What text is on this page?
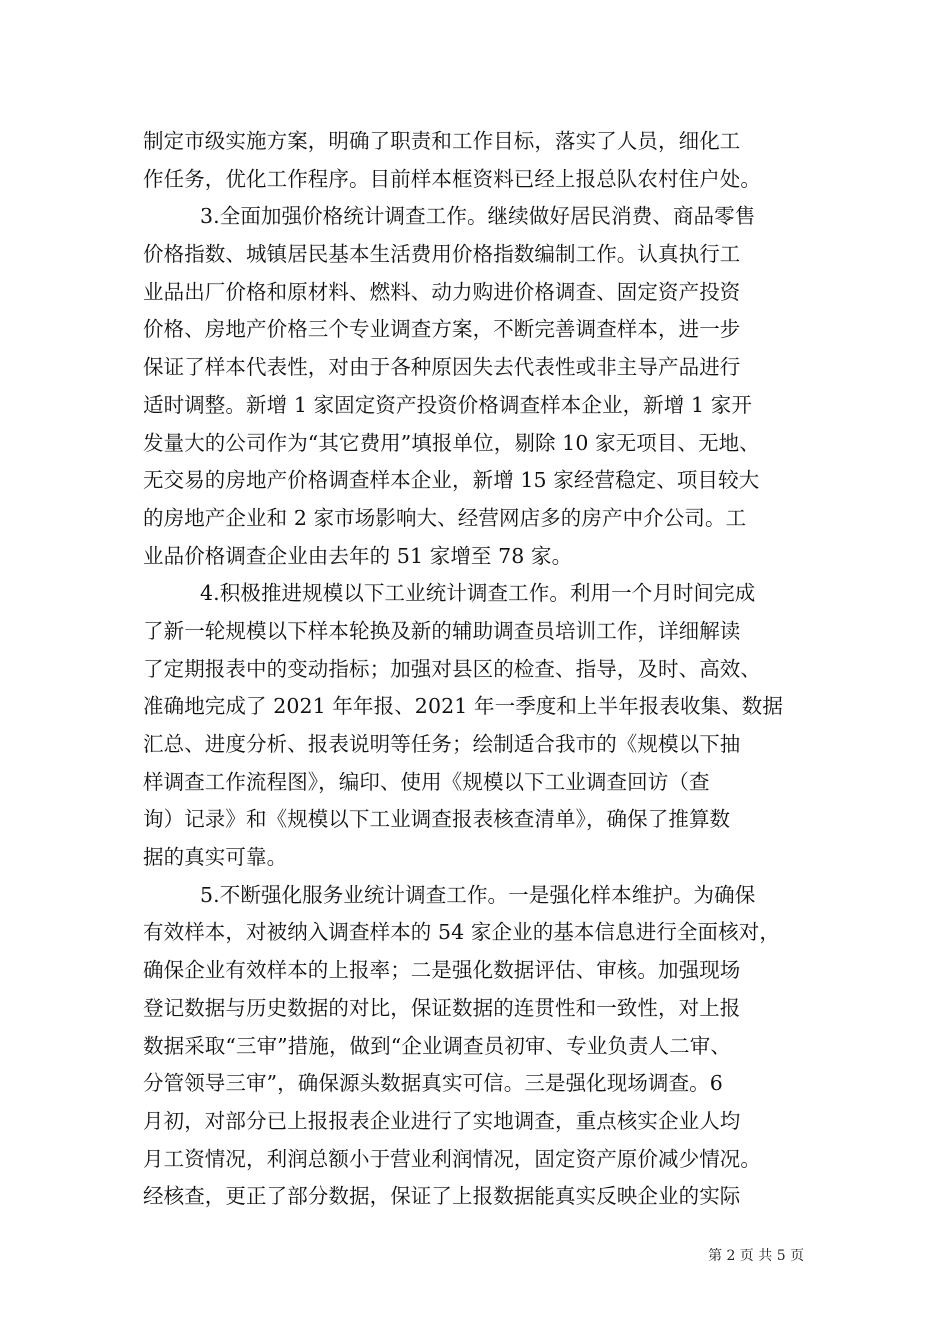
制定市级实施方案，明确了职责和工作目标，落实了人员，细化工
作任务，优化工作程序。目前样本框资料已经上报总队农村住户处。
3.全面加强价格统计调查工作。继续做好居民消费、商品零售
价格指数、城镇居民基本生活费用价格指数编制工作。认真执行工
业品出厂价格和原材料、燃料、动力购进价格调查、固定资产投资
价格、房地产价格三个专业调查方案，不断完善调查样本，进一步
保证了样本代表性，对由于各种原因失去代表性或非主导产品进行
适时调整。新增 1 家固定资产投资价格调查样本企业，新增 1 家开
发量大的公司作为“其它费用”填报单位，剔除 10 家无项目、无地、
无交易的房地产价格调查样本企业，新增 15 家经营稳定、项目较大
的房地产企业和 2 家市场影响大、经营网店多的房产中介公司。工
业品价格调查企业由去年的 51 家增至 78 家。
4.积极推进规模以下工业统计调查工作。利用一个月时间完成
了新一轮规模以下样本轮换及新的辅助调查员培训工作，详细解读
了定期报表中的变动指标；加强对县区的检查、指导，及时、高效、
准确地完成了 2021 年年报、2021 年一季度和上半年报表收集、数据
汇总、进度分析、报表说明等任务；绘制适合我市的《规模以下抽
样调查工作流程图》，编印、使用《规模以下工业调查回访（查
询）记录》和《规模以下工业调查报表核查清单》，确保了推算数
据的真实可靠。
5.不断强化服务业统计调查工作。一是强化样本维护。为确保
有效样本，对被纳入调查样本的 54 家企业的基本信息进行全面核对，
确保企业有效样本的上报率；二是强化数据评估、审核。加强现场
登记数据与历史数据的对比，保证数据的连贯性和一致性，对上报
数据采取“三审”措施，做到“企业调查员初审、专业负责人二审、
分管领导三审”，确保源头数据真实可信。三是强化现场调查。6
月初，对部分已上报报表企业进行了实地调查，重点核实企业人均
月工资情况，利润总额小于营业利润情况，固定资产原价减少情况。
经核查，更正了部分数据，保证了上报数据能真实反映企业的实际
第 2 页 共 5 页
